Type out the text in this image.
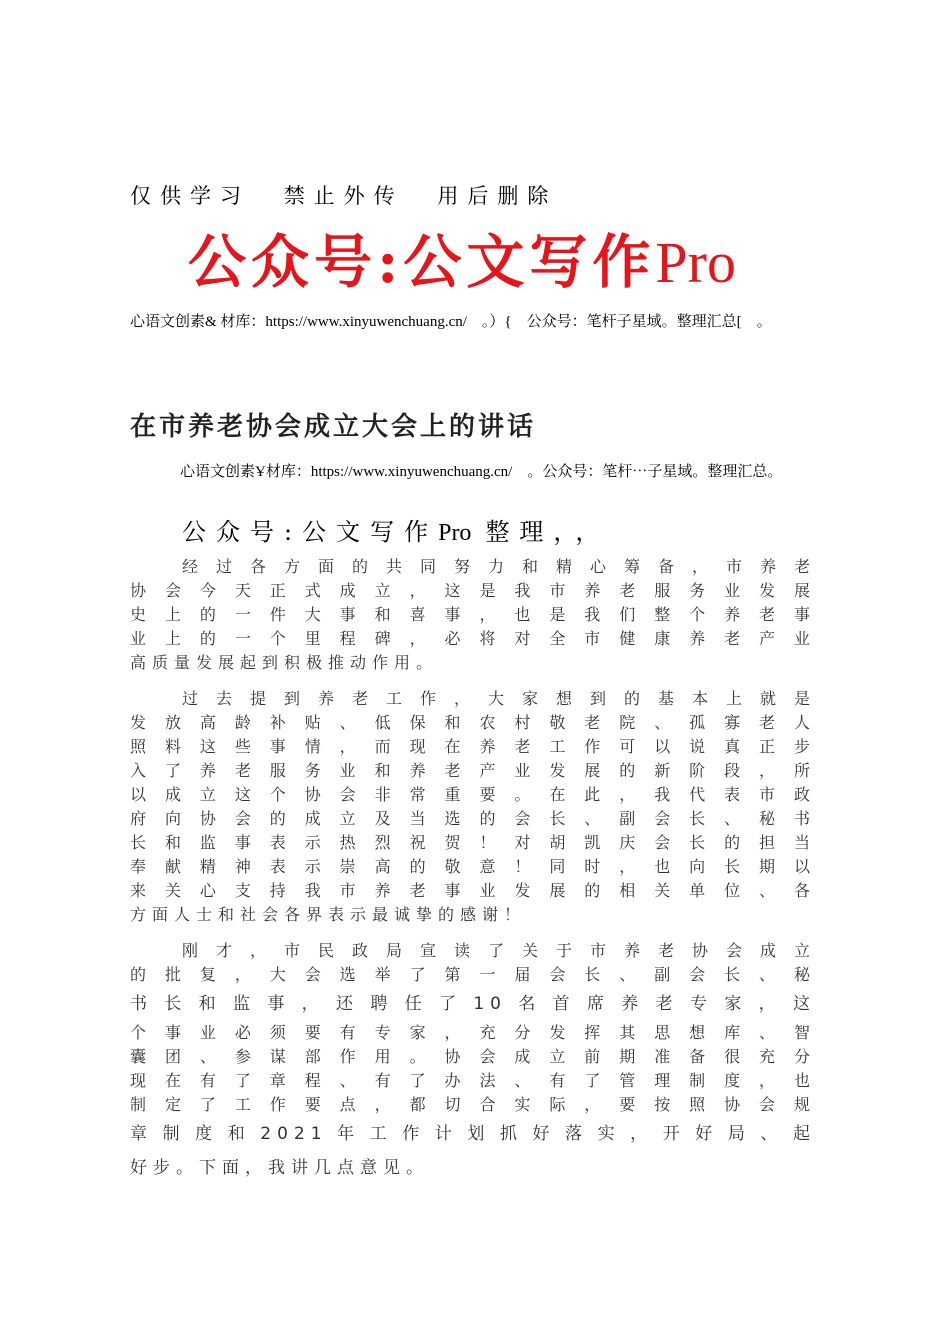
仅供学习 禁止外传 用后删除
公众号:公文写作Pro
心语文创素& 材库：https://www.xinyuwenchuang.cn/　。）{　公众号：笔杆子星域。整理汇总[　。
在市养老协会成立大会上的讲话
心语文创素Ұ材库：https://www.xinyuwenchuang.cn/　。公众号：笔杆⋯子星域。整理汇总。
公众号:公文写作Pro 整理，，
经过各方面的共同努力和精心筹备，市养老
协会今天正式成立，这是我市养老服务业发展
史上的一件大事和喜事，也是我们整个养老事
业上的一个里程碑，必将对全市健康养老产业
高质量发展起到积极推动作用。
过去提到养老工作，大家想到的基本上就是
发放高龄补贴、低保和农村敬老院、孤寡老人
照料这些事情，而现在养老工作可以说真正步
入了养老服务业和养老产业发展的新阶段，所
以成立这个协会非常重要。在此，我代表市政
府向协会的成立及当选的会长、副会长、秘书
长和监事表示热烈祝贺！对胡凯庆会长的担当
奉献精神表示崇高的敬意！同时，也向长期以
来关心支持我市养老事业发展的相关单位、各
方面人士和社会各界表示最诚挚的感谢！
刚才，市民政局宣读了关于市养老协会成立
的批复，大会选举了第一届会长、副会长、秘
书长和监事，还聘任了10名首席养老专家，这
个事业必须要有专家，充分发挥其思想库、智
囊团、参谋部作用。协会成立前期准备很充分
现在有了章程、有了办法、有了管理制度，也
制定了工作要点，都切合实际，要按照协会规
章制度和2021年工作计划抓好落实，开好局、起
好步。下面，我讲几点意见。
